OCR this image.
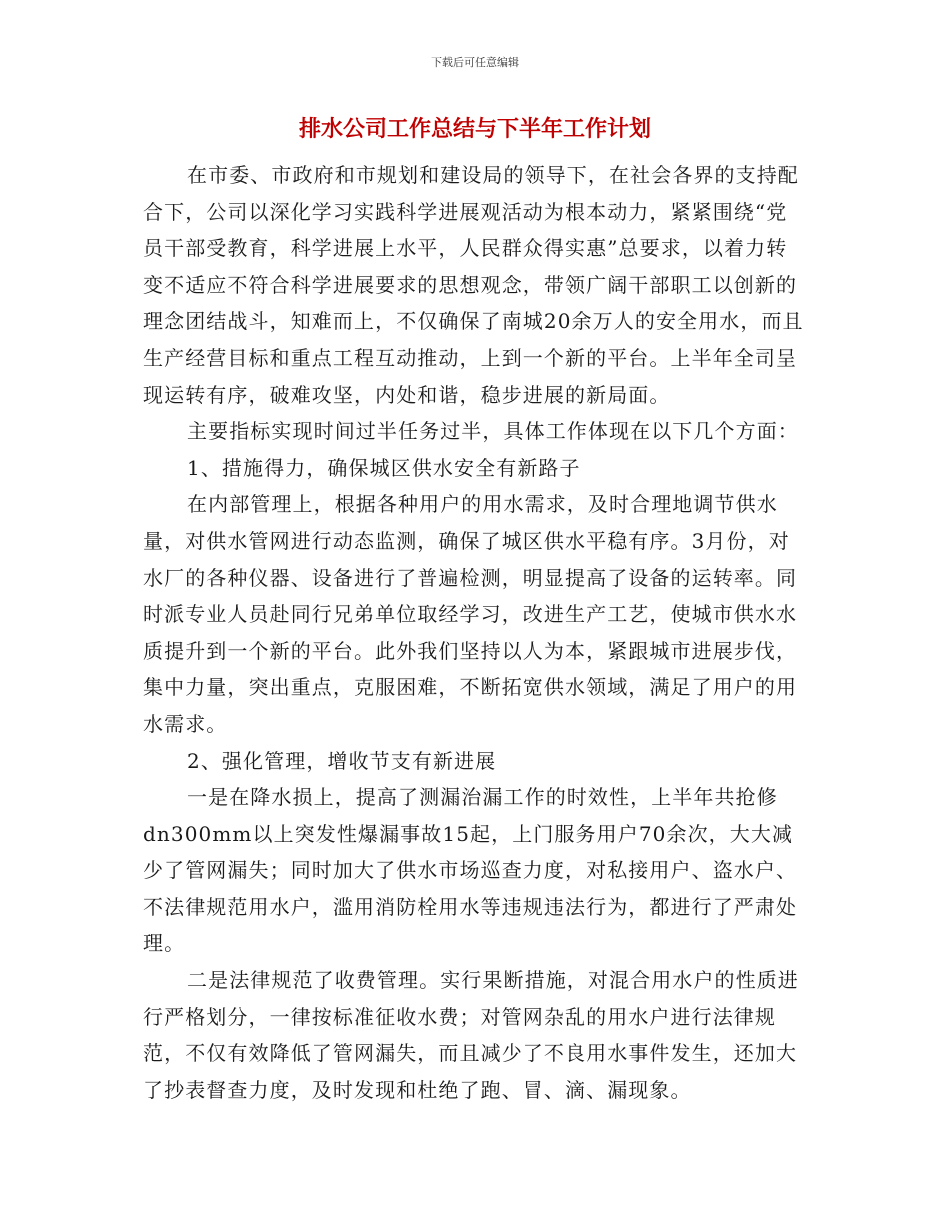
下载后可任意编辑
排水公司工作总结与下半年工作计划

在市委、市政府和市规划和建设局的领导下，在社会各界的支持配合下，公司以深化学习实践科学进展观活动为根本动力，紧紧围绕“党员干部受教育，科学进展上水平，人民群众得实惠”总要求，以着力转变不适应不符合科学进展要求的思想观念，带领广阔干部职工以创新的理念团结战斗，知难而上，不仅确保了南城20余万人的安全用水，而且生产经营目标和重点工程互动推动，上到一个新的平台。上半年全司呈现运转有序，破难攻坚，内处和谐，稳步进展的新局面。

主要指标实现时间过半任务过半，具体工作体现在以下几个方面：

1、措施得力，确保城区供水安全有新路子

在内部管理上，根据各种用户的用水需求，及时合理地调节供水量，对供水管网进行动态监测，确保了城区供水平稳有序。3月份，对水厂的各种仪器、设备进行了普遍检测，明显提高了设备的运转率。同时派专业人员赴同行兄弟单位取经学习，改进生产工艺，使城市供水水质提升到一个新的平台。此外我们坚持以人为本，紧跟城市进展步伐，集中力量，突出重点，克服困难，不断拓宽供水领域，满足了用户的用水需求。

2、强化管理，增收节支有新进展

一是在降水损上，提高了测漏治漏工作的时效性，上半年共抢修dn300mm以上突发性爆漏事故15起，上门服务用户70余次，大大减少了管网漏失；同时加大了供水市场巡查力度，对私接用户、盗水户、不法律规范用水户，滥用消防栓用水等违规违法行为，都进行了严肃处理。

二是法律规范了收费管理。实行果断措施，对混合用水户的性质进行严格划分，一律按标准征收水费；对管网杂乱的用水户进行法律规范，不仅有效降低了管网漏失，而且减少了不良用水事件发生，还加大了抄表督查力度，及时发现和杜绝了跑、冒、滴、漏现象。
